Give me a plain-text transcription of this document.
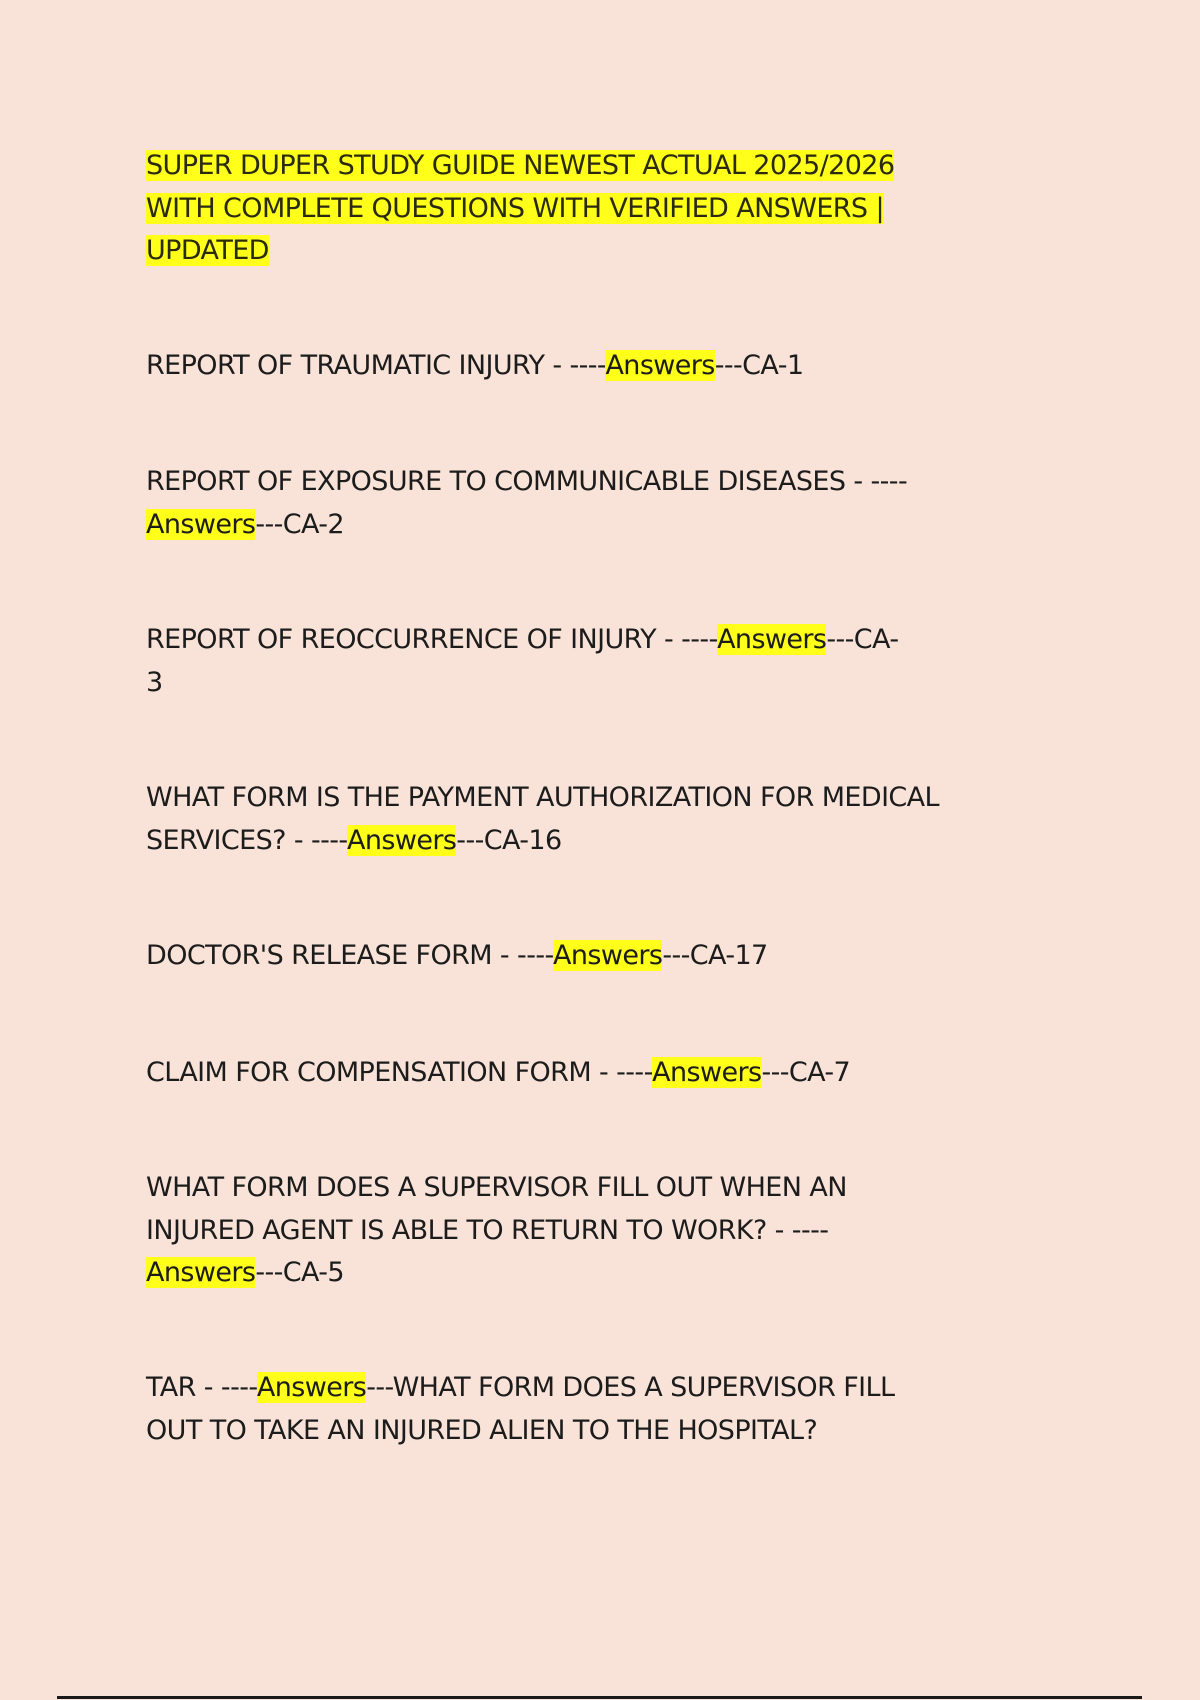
SUPER DUPER STUDY GUIDE NEWEST ACTUAL 2025/2026
WITH COMPLETE QUESTIONS WITH VERIFIED ANSWERS |
UPDATED
REPORT OF TRAUMATIC INJURY - ----Answers---CA-1
REPORT OF EXPOSURE TO COMMUNICABLE DISEASES - ----
Answers---CA-2
REPORT OF REOCCURRENCE OF INJURY - ----Answers---CA-
3
WHAT FORM IS THE PAYMENT AUTHORIZATION FOR MEDICAL
SERVICES? - ----Answers---CA-16
DOCTOR'S RELEASE FORM - ----Answers---CA-17
CLAIM FOR COMPENSATION FORM - ----Answers---CA-7
WHAT FORM DOES A SUPERVISOR FILL OUT WHEN AN
INJURED AGENT IS ABLE TO RETURN TO WORK? - ----
Answers---CA-5
TAR - ----Answers---WHAT FORM DOES A SUPERVISOR FILL
OUT TO TAKE AN INJURED ALIEN TO THE HOSPITAL?
